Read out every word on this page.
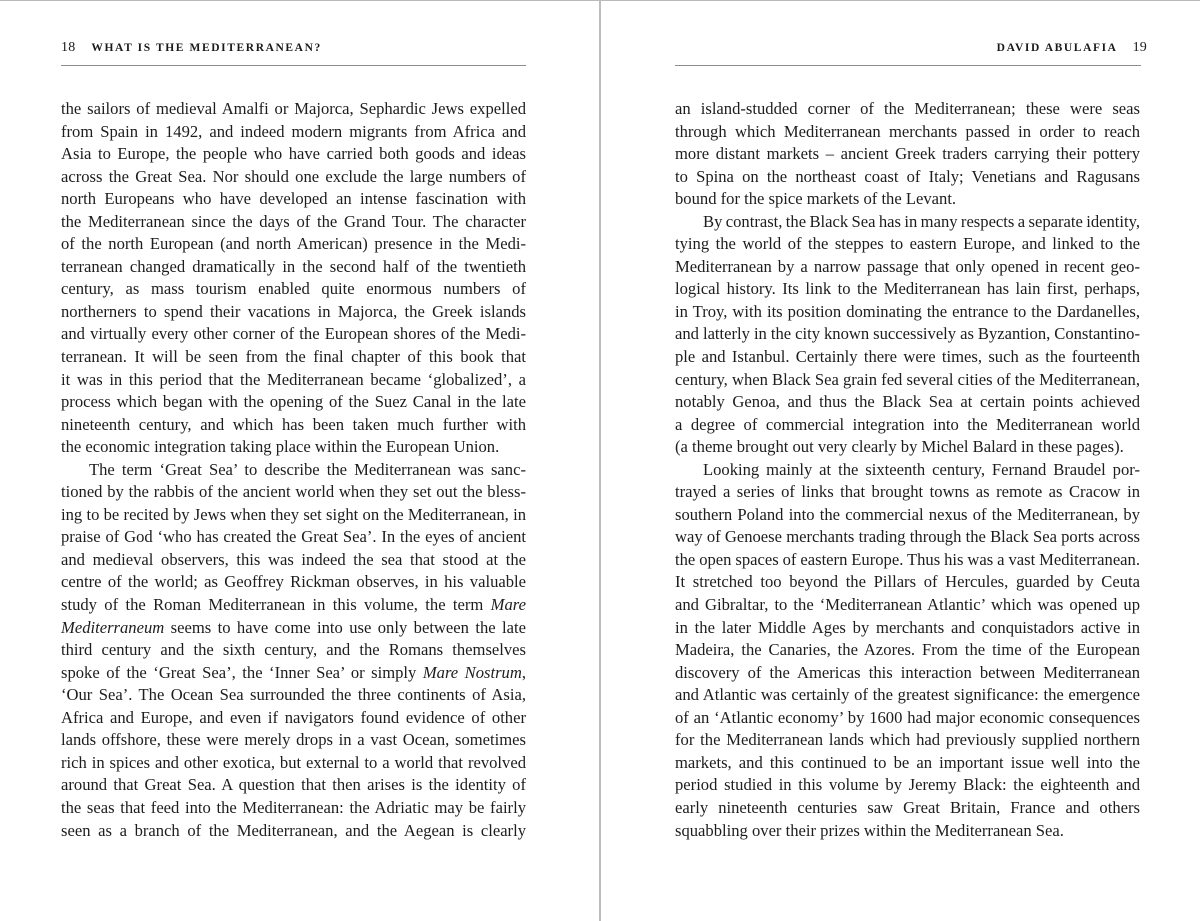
18 WHAT IS THE MEDITERRANEAN?
the sailors of medieval Amalfi or Majorca, Sephardic Jews expelled
from Spain in 1492, and indeed modern migrants from Africa and
Asia to Europe, the people who have carried both goods and ideas
across the Great Sea. Nor should one exclude the large numbers of
north Europeans who have developed an intense fascination with
the Mediterranean since the days of the Grand Tour. The character
of the north European (and north American) presence in the Medi-
terranean changed dramatically in the second half of the twentieth
century, as mass tourism enabled quite enormous numbers of
northerners to spend their vacations in Majorca, the Greek islands
and virtually every other corner of the European shores of the Medi-
terranean. It will be seen from the final chapter of this book that
it was in this period that the Mediterranean became ‘globalized’, a
process which began with the opening of the Suez Canal in the late
nineteenth century, and which has been taken much further with
the economic integration taking place within the European Union.
The term ‘Great Sea’ to describe the Mediterranean was sanc-
tioned by the rabbis of the ancient world when they set out the bless-
ing to be recited by Jews when they set sight on the Mediterranean, in
praise of God ‘who has created the Great Sea’. In the eyes of ancient
and medieval observers, this was indeed the sea that stood at the
centre of the world; as Geoffrey Rickman observes, in his valuable
study of the Roman Mediterranean in this volume, the term Mare
Mediterraneum seems to have come into use only between the late
third century and the sixth century, and the Romans themselves
spoke of the ‘Great Sea’, the ‘Inner Sea’ or simply Mare Nostrum,
‘Our Sea’. The Ocean Sea surrounded the three continents of Asia,
Africa and Europe, and even if navigators found evidence of other
lands offshore, these were merely drops in a vast Ocean, sometimes
rich in spices and other exotica, but external to a world that revolved
around that Great Sea. A question that then arises is the identity of
the seas that feed into the Mediterranean: the Adriatic may be fairly
seen as a branch of the Mediterranean, and the Aegean is clearly
DAVID ABULAFIA 19
an island-studded corner of the Mediterranean; these were seas
through which Mediterranean merchants passed in order to reach
more distant markets – ancient Greek traders carrying their pottery
to Spina on the northeast coast of Italy; Venetians and Ragusans
bound for the spice markets of the Levant.
By contrast, the Black Sea has in many respects a separate identity,
tying the world of the steppes to eastern Europe, and linked to the
Mediterranean by a narrow passage that only opened in recent geo-
logical history. Its link to the Mediterranean has lain first, perhaps,
in Troy, with its position dominating the entrance to the Dardanelles,
and latterly in the city known successively as Byzantion, Constantino-
ple and Istanbul. Certainly there were times, such as the fourteenth
century, when Black Sea grain fed several cities of the Mediterranean,
notably Genoa, and thus the Black Sea at certain points achieved
a degree of commercial integration into the Mediterranean world
(a theme brought out very clearly by Michel Balard in these pages).
Looking mainly at the sixteenth century, Fernand Braudel por-
trayed a series of links that brought towns as remote as Cracow in
southern Poland into the commercial nexus of the Mediterranean, by
way of Genoese merchants trading through the Black Sea ports across
the open spaces of eastern Europe. Thus his was a vast Mediterranean.
It stretched too beyond the Pillars of Hercules, guarded by Ceuta
and Gibraltar, to the ‘Mediterranean Atlantic’ which was opened up
in the later Middle Ages by merchants and conquistadors active in
Madeira, the Canaries, the Azores. From the time of the European
discovery of the Americas this interaction between Mediterranean
and Atlantic was certainly of the greatest significance: the emergence
of an ‘Atlantic economy’ by 1600 had major economic consequences
for the Mediterranean lands which had previously supplied northern
markets, and this continued to be an important issue well into the
period studied in this volume by Jeremy Black: the eighteenth and
early nineteenth centuries saw Great Britain, France and others
squabbling over their prizes within the Mediterranean Sea.
